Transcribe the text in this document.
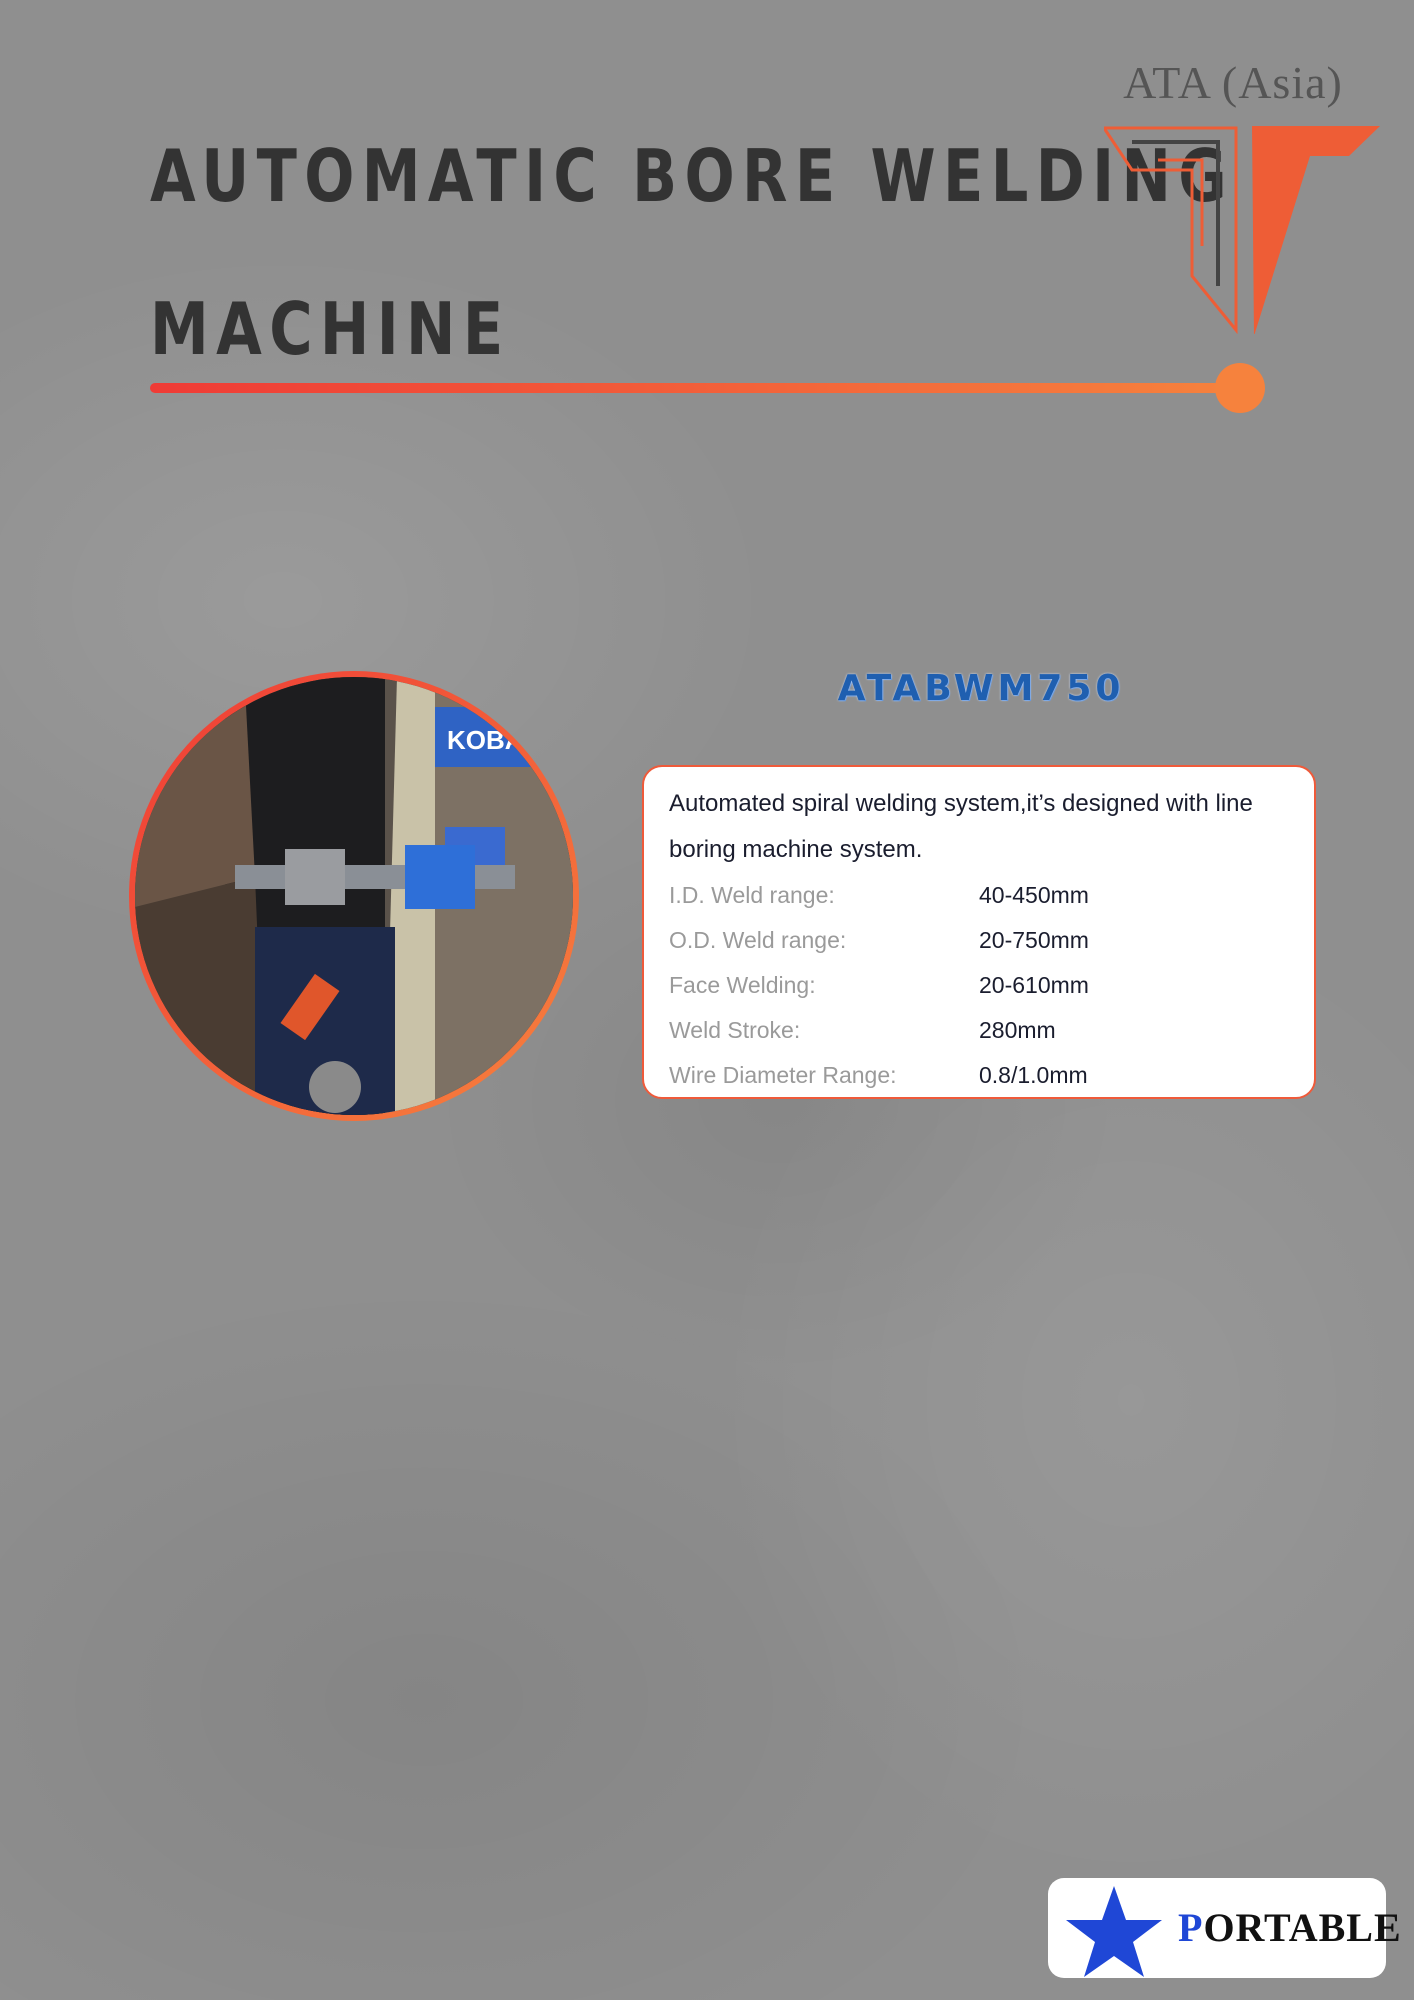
AUTOMATIC BORE WELDING
MACHINE
ATA (Asia)
KOBAL
ATABWM750

Automated spiral welding system,it’s designed with line boring machine system.

I.D. Weld range:	40-450mm
O.D. Weld range:	20-750mm
Face Welding:	20-610mm
Weld Stroke:	280mm
Wire Diameter Range:	0.8/1.0mm
PORTABLE
